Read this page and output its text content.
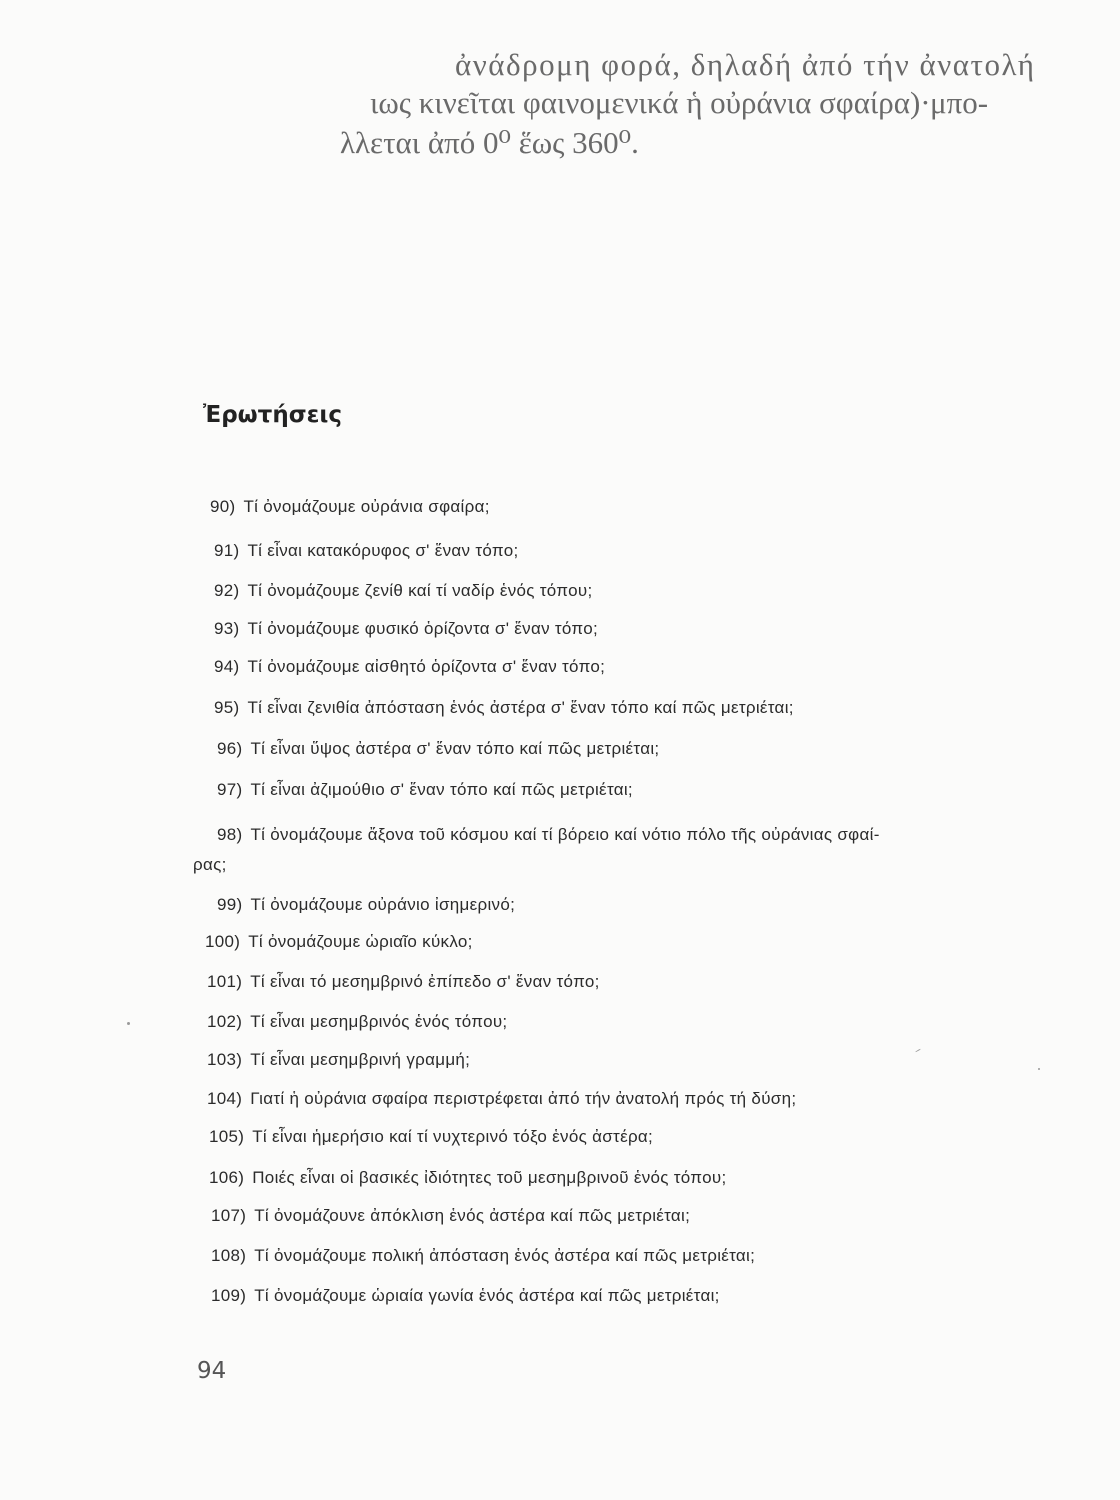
ἀνάδρομη φορά, δηλαδή ἀπό τήν ἀνατολή
ιως κινεῖται φαινομενικά ἡ οὐράνια σφαίρα)· μπο-
λλεται ἀπό 0⁰ ἕως 360⁰.
Ἐρωτήσεις
90) Τί ὀνομάζουμε οὐράνια σφαίρα;
91) Τί εἶναι κατακόρυφος σ' ἕναν τόπο;
92) Τί ὀνομάζουμε ζενίθ καί τί ναδίρ ἑνός τόπου;
93) Τί ὀνομάζουμε φυσικό ὁρίζοντα σ' ἕναν τόπο;
94) Τί ὀνομάζουμε αἰσθητό ὁρίζοντα σ' ἕναν τόπο;
95) Τί εἶναι ζενιθία ἀπόσταση ἑνός ἀστέρα σ' ἕναν τόπο καί πῶς μετριέται;
96) Τί εἶναι ὕψος ἀστέρα σ' ἕναν τόπο καί πῶς μετριέται;
97) Τί εἶναι ἀζιμούθιο σ' ἕναν τόπο καί πῶς μετριέται;
98) Τί ὀνομάζουμε ἄξονα τοῦ κόσμου καί τί βόρειο καί νότιο πόλο τῆς οὐράνιας σφαί-
ρας;
99) Τί ὀνομάζουμε οὐράνιο ἰσημερινό;
100) Τί ὀνομάζουμε ὡριαῖο κύκλο;
101) Τί εἶναι τό μεσημβρινό ἐπίπεδο σ' ἕναν τόπο;
102) Τί εἶναι μεσημβρινός ἑνός τόπου;
103) Τί εἶναι μεσημβρινή γραμμή;
104) Γιατί ἡ οὐράνια σφαίρα περιστρέφεται ἀπό τήν ἀνατολή πρός τή δύση;
105) Τί εἶναι ἡμερήσιο καί τί νυχτερινό τόξο ἑνός ἀστέρα;
106) Ποιές εἶναι οἱ βασικές ἰδιότητες τοῦ μεσημβρινοῦ ἑνός τόπου;
107) Τί ὀνομάζουνε ἀπόκλιση ἑνός ἀστέρα καί πῶς μετριέται;
108) Τί ὀνομάζουμε πολική ἀπόσταση ἑνός ἀστέρα καί πῶς μετριέται;
109) Τί ὀνομάζουμε ὡριαία γωνία ἑνός ἀστέρα καί πῶς μετριέται;
94
